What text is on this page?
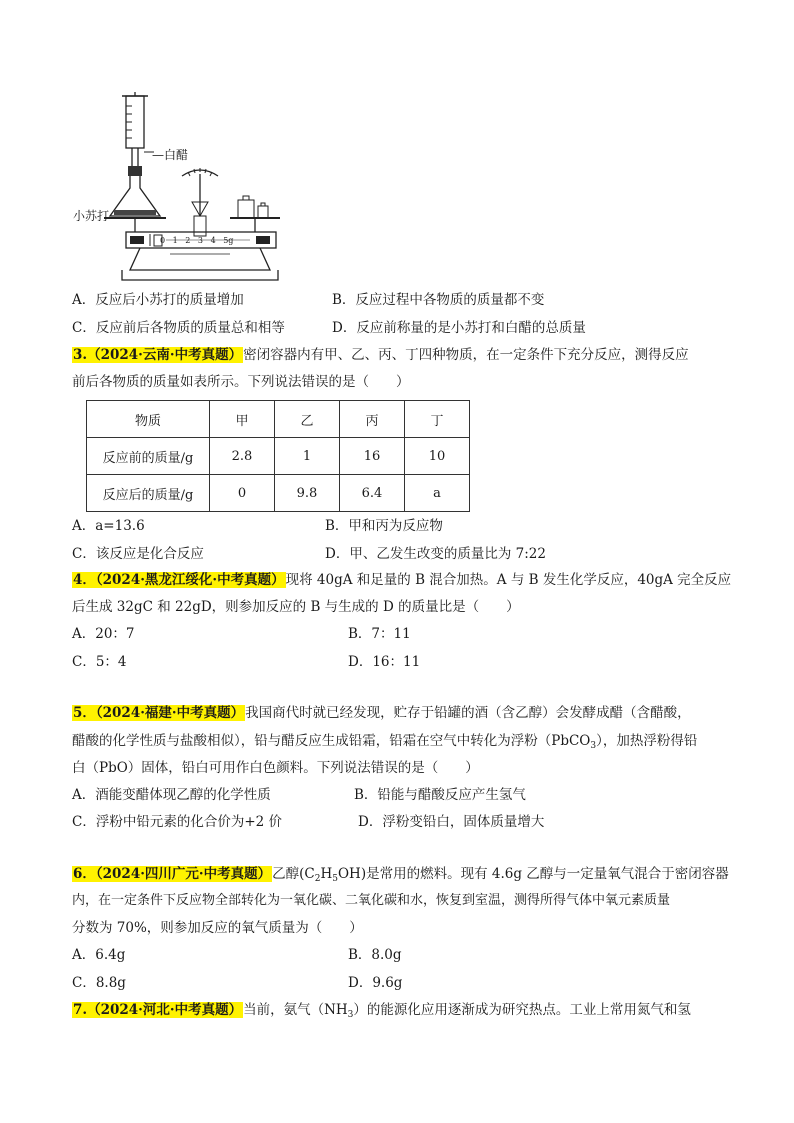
—白醋
小苏打
0 1 2 3 4 5g
A．反应后小苏打的质量增加	B．反应过程中各物质的质量都不变
C．反应前后各物质的质量总和相等	D．反应前称量的是小苏打和白醋的总质量
3.（2024·云南·中考真题）密闭容器内有甲、乙、丙、丁四种物质，在一定条件下充分反应，测得反应
前后各物质的质量如表所示。下列说法错误的是（　　）
物质	甲	乙	丙	丁
反应前的质量/g	2.8	1	16	10
反应后的质量/g	0	9.8	6.4	a
A．a=13.6	B．甲和丙为反应物
C．该反应是化合反应	D．甲、乙发生改变的质量比为 7:22
4．（2024·黑龙江绥化·中考真题）现将 40gA 和足量的 B 混合加热。A 与 B 发生化学反应，40gA 完全反应
后生成 32gC 和 22gD，则参加反应的 B 与生成的 D 的质量比是（　　）
A．20：7	B．7：11
C．5：4	D．16：11
5．（2024·福建·中考真题）我国商代时就已经发现，贮存于铅罐的酒（含乙醇）会发酵成醋（含醋酸，
醋酸的化学性质与盐酸相似），铅与醋反应生成铅霜，铅霜在空气中转化为浮粉（PbCO$_3$），加热浮粉得铅
白（PbO）固体，铅白可用作白色颜料。下列说法错误的是（　　）
A．酒能变醋体现乙醇的化学性质	B．铅能与醋酸反应产生氢气
C．浮粉中铅元素的化合价为+2 价	D．浮粉变铅白，固体质量增大
6．（2024·四川广元·中考真题）乙醇$(C_2H_5OH)$是常用的燃料。现有 4.6g 乙醇与一定量氧气混合于密闭容器
内，在一定条件下反应物全部转化为一氧化碳、二氧化碳和水，恢复到室温，测得所得气体中氧元素质量
分数为 70%，则参加反应的氧气质量为（　　）
A．6.4g	B．8.0g
C．8.8g	D．9.6g
7.（2024·河北·中考真题）当前，氨气$(NH_3)$的能源化应用逐渐成为研究热点。工业上常用氮气和氢
